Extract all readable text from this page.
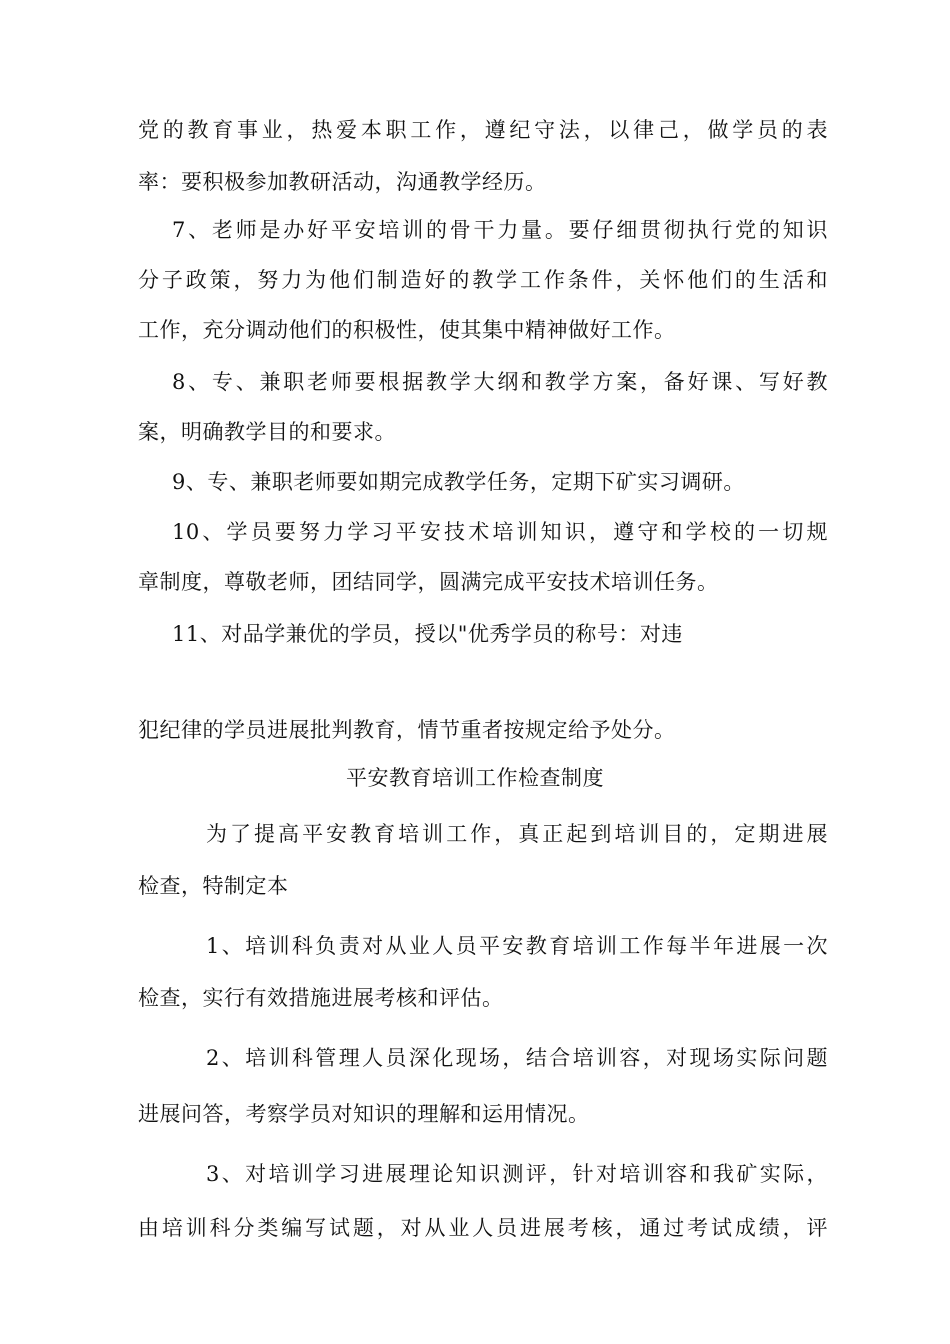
党的教育事业，热爱本职工作，遵纪守法，以律己，做学员的表
率：要积极参加教研活动，沟通教学经历。
7、老师是办好平安培训的骨干力量。要仔细贯彻执行党的知识
分子政策，努力为他们制造好的教学工作条件，关怀他们的生活和
工作，充分调动他们的积极性，使其集中精神做好工作。
8、专、兼职老师要根据教学大纲和教学方案，备好课、写好教
案，明确教学目的和要求。
9、专、兼职老师要如期完成教学任务，定期下矿实习调研。
10、学员要努力学习平安技术培训知识，遵守和学校的一切规
章制度，尊敬老师，团结同学，圆满完成平安技术培训任务。
11、对品学兼优的学员，授以"优秀学员的称号：对违
犯纪律的学员进展批判教育，情节重者按规定给予处分。
平安教育培训工作检查制度
为了提高平安教育培训工作，真正起到培训目的，定期进展
检查，特制定本
1、培训科负责对从业人员平安教育培训工作每半年进展一次
检查，实行有效措施进展考核和评估。
2、培训科管理人员深化现场，结合培训容，对现场实际问题
进展问答，考察学员对知识的理解和运用情况。
3、对培训学习进展理论知识测评，针对培训容和我矿实际，
由培训科分类编写试题，对从业人员进展考核，通过考试成绩，评
